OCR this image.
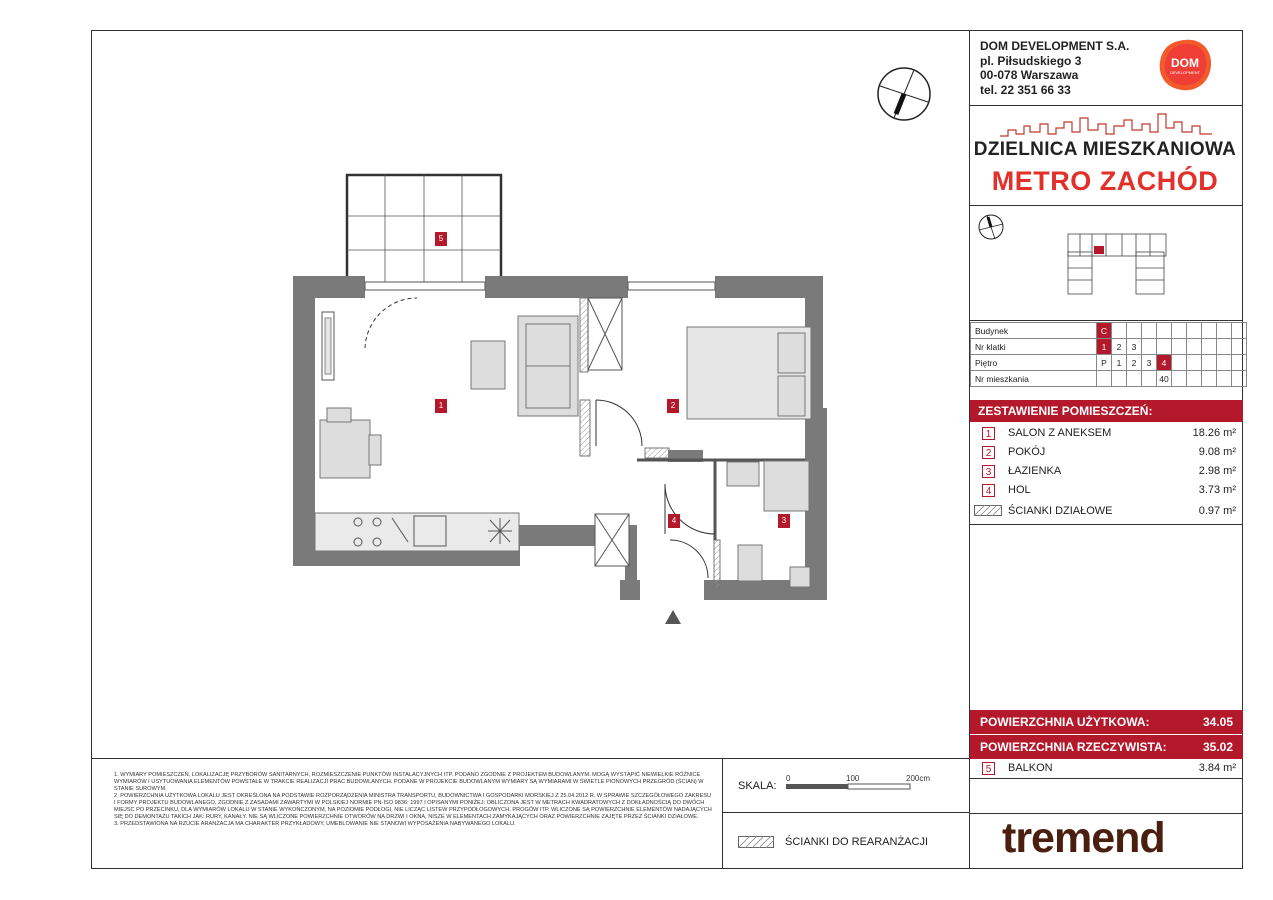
DOM DEVELOPMENT S.A.
pl. Piłsudskiego 3
00-078 Warszawa
tel. 22 351 66 33
DOM
DEVELOPMENT
DZIELNICA MIESZKANIOWA
METRO ZACHÓD
Budynek	C									
Nr klatki	1	2	3							
Piętro	P	1	2	3	4					
Nr mieszkania					40					
ZESTAWIENIE POMIESZCZEŃ:
1	SALON Z ANEKSEM	18.26 m²
2	POKÓJ	9.08 m²
3	ŁAZIENKA	2.98 m²
4	HOL	3.73 m²
ŚCIANKI DZIAŁOWE	0.97 m²
POWIERZCHNIA UŻYTKOWA:	34.05
POWIERZCHNIA RZECZYWISTA:	35.02
5	BALKON	3.84 m²
tremend
1. WYMIARY POMIESZCZEŃ, LOKALIZACJĘ PRZYBORÓW SANITARNYCH, ROZMIESZCZENIE PUNKTÓW INSTALACYJNYCH ITP. PODANO ZGODNIE Z PROJEKTEM BUDOWLANYM. MOGĄ WYSTĄPIĆ NIEWIELKIE RÓŻNICE WYMIARÓW I USYTUOWANIA ELEMENTÓW POWSTAŁE W TRAKCIE REALIZACJI PRAC BUDOWLANYCH. PODANE W PROJEKCIE BUDOWLANYM WYMIARY SĄ WYMIARAMI W ŚWIETLE PIONOWYCH PRZEGRÓD (ŚCIAN) W STANIE SUROWYM.
2. POWIERZCHNIA UŻYTKOWA LOKALU JEST OKREŚLONA NA PODSTAWIE ROZPORZĄDZENIA MINISTRA TRANSPORTU, BUDOWNICTWA I GOSPODARKI MORSKIEJ Z 25.04.2012 R. W SPRAWIE SZCZEGÓŁOWEGO ZAKRESU I FORMY PROJEKTU BUDOWLANEGO, ZGODNIE Z ZASADAMI ZAWARTYMI W POLSKIEJ NORMIE PN-ISO 9836: 1997 I OPISANYMI PONIŻEJ: OBLICZONA JEST W METRACH KWADRATOWYCH Z DOKŁADNOŚCIĄ DO DWÓCH MIEJSC PO PRZECINKU, DLA WYMIARÓW LOKALU W STANIE WYKOŃCZONYM, NA POZIOMIE PODŁOGI, NIE LICZĄC LISTEW PRZYPODŁOGOWYCH, PROGÓW ITP. WLICZONE SĄ POWIERZCHNIE ELEMENTÓW NADAJĄCYCH SIĘ DO DEMONTAŻU TAKICH JAK: RURY, KANAŁY. NIE SĄ WLICZONE POWIERZCHNIE OTWORÓW NA DRZWI I OKNA, NISZE W ELEMENTACH ZAMYKAJĄCYCH ORAZ POWIERZCHNIE ZAJĘTE PRZEZ ŚCIANKI DZIAŁOWE.
3. PRZEDSTAWIONA NA RZUCIE ARANŻACJA MA CHARAKTER PRZYKŁADOWY, UMEBLOWANIE NIE STANOWI WYPOSAŻENIA NABYWANEGO LOKALU.
SKALA:
0	100	200cm
ŚCIANKI DO REARANŻACJI
1	2
3
4
5
